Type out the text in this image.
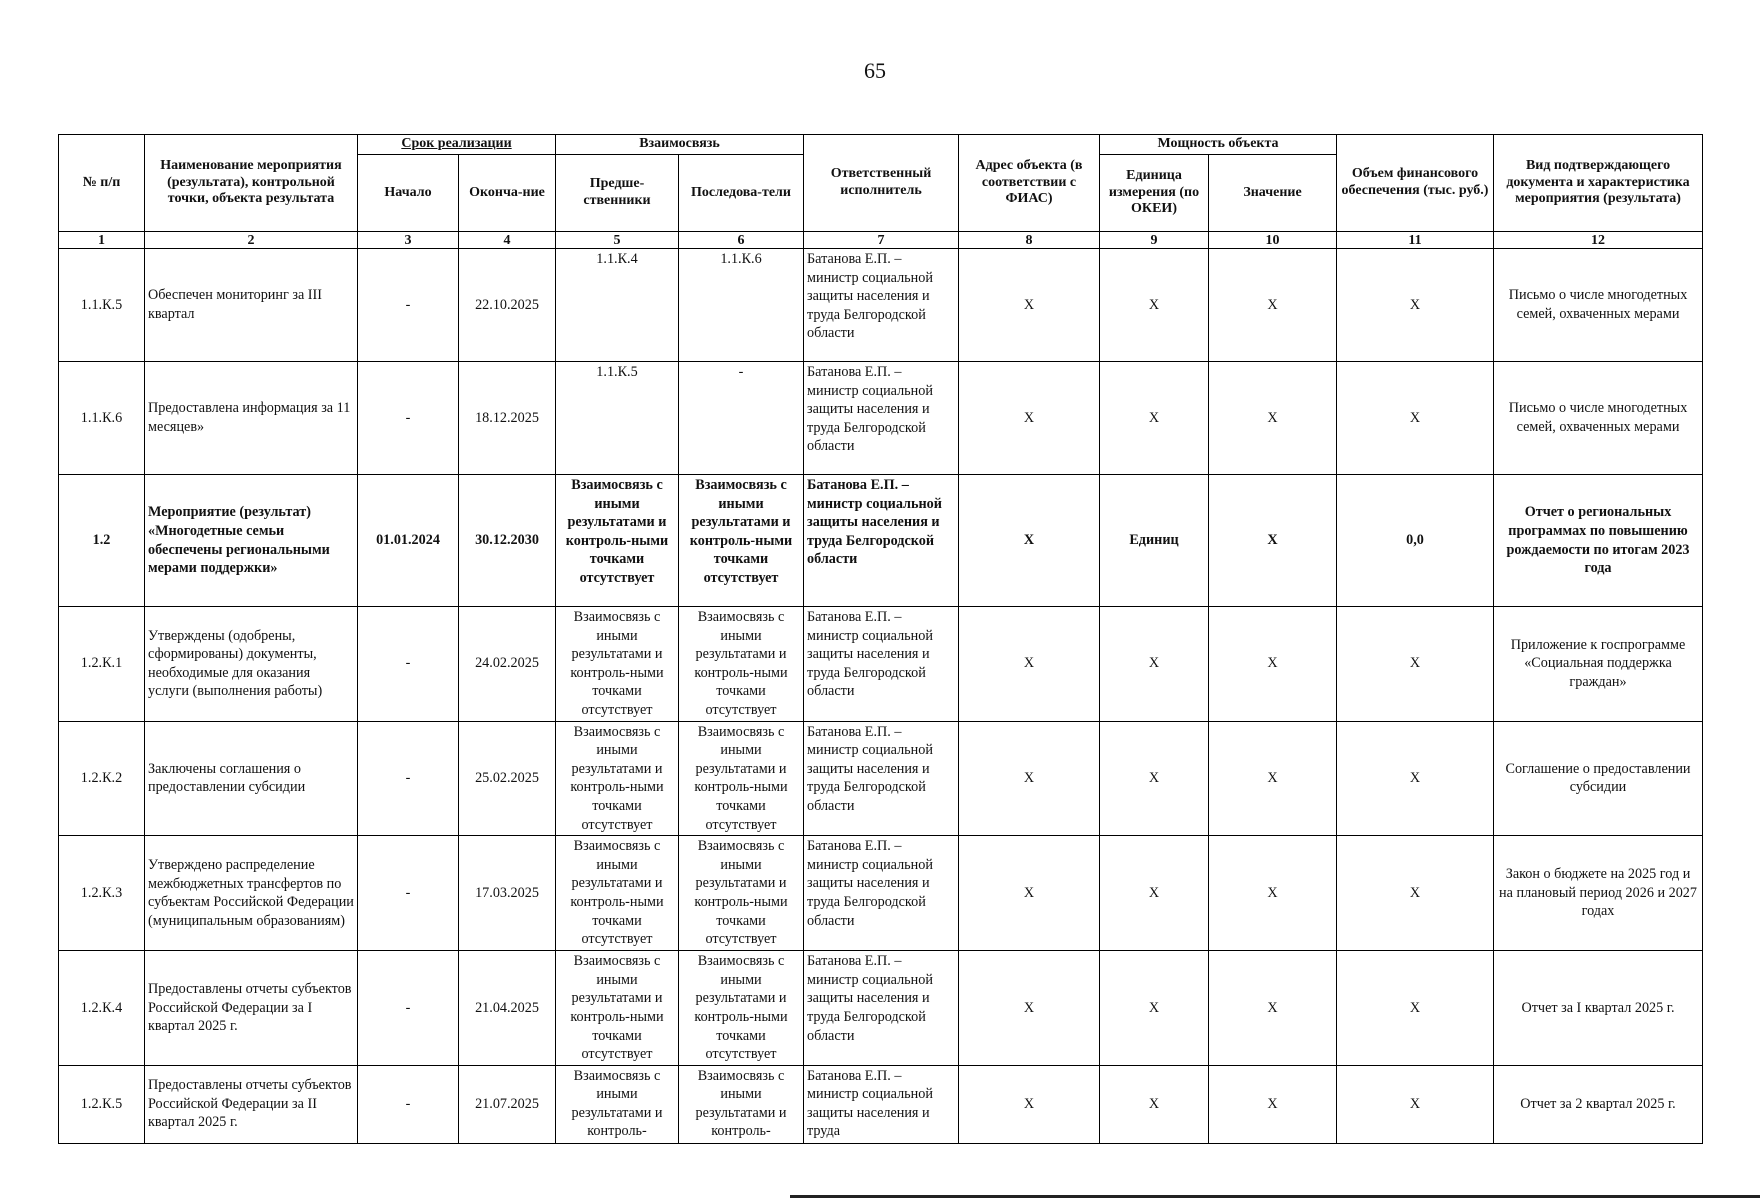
65
№ п/п	Наименование мероприятия (результата), контрольной точки, объекта результата	Срок реализации		Взаимосвязь		Ответственный исполнитель	Адрес объекта (в соответствии с ФИАС)	Мощность объекта		Объем финансового обеспечения (тыс. руб.)	Вид подтверждающего документа и характеристика мероприятия (результата)
		Начало	Оконча-ние	Предше-ственники	Последова-тели			Единица измерения (по ОКЕИ)	Значение		
1	2	3	4	5	6	7	8	9	10	11	12
1.1.К.5	Обеспечен мониторинг за III квартал	-	22.10.2025	1.1.К.4	1.1.К.6	Батанова Е.П. – министр социальной защиты населения и труда Белгородской области	Х	Х	Х	Х	Письмо о числе многодетных семей, охваченных мерами
1.1.К.6	Предоставлена информация за 11 месяцев»	-	18.12.2025	1.1.К.5	-	Батанова Е.П. – министр социальной защиты населения и труда Белгородской области	Х	Х	Х	Х	Письмо о числе многодетных семей, охваченных мерами
1.2	Мероприятие (результат) «Многодетные семьи обеспечены региональными мерами поддержки»	01.01.2024	30.12.2030	Взаимосвязь с иными результатами и контроль-ными точками отсутствует	Взаимосвязь с иными результатами и контроль-ными точками отсутствует	Батанова Е.П. – министр социальной защиты населения и труда Белгородской области	Х	Единиц	Х	0,0	Отчет о региональных программах по повышению рождаемости по итогам 2023 года
1.2.К.1	Утверждены (одобрены, сформированы) документы, необходимые для оказания услуги (выполнения работы)	-	24.02.2025	Взаимосвязь с иными результатами и контроль-ными точками отсутствует	Взаимосвязь с иными результатами и контроль-ными точками отсутствует	Батанова Е.П. – министр социальной защиты населения и труда Белгородской области	Х	Х	Х	Х	Приложение к госпрограмме «Социальная поддержка граждан»
1.2.К.2	Заключены соглашения о предоставлении субсидии	-	25.02.2025	Взаимосвязь с иными результатами и контроль-ными точками отсутствует	Взаимосвязь с иными результатами и контроль-ными точками отсутствует	Батанова Е.П. – министр социальной защиты населения и труда Белгородской области	Х	Х	Х	Х	Соглашение о предоставлении субсидии
1.2.К.3	Утверждено распределение межбюджетных трансфертов по субъектам Российской Федерации (муниципальным образованиям)	-	17.03.2025	Взаимосвязь с иными результатами и контроль-ными точками отсутствует	Взаимосвязь с иными результатами и контроль-ными точками отсутствует	Батанова Е.П. – министр социальной защиты населения и труда Белгородской области	Х	Х	Х	Х	Закон о бюджете на 2025 год и на плановый период 2026 и 2027 годах
1.2.К.4	Предоставлены отчеты субъектов Российской Федерации за I квартал 2025 г.	-	21.04.2025	Взаимосвязь с иными результатами и контроль-ными точками отсутствует	Взаимосвязь с иными результатами и контроль-ными точками отсутствует	Батанова Е.П. – министр социальной защиты населения и труда Белгородской области	Х	Х	Х	Х	Отчет за I квартал 2025 г.
1.2.К.5	Предоставлены отчеты субъектов Российской Федерации за II квартал 2025 г.	-	21.07.2025	Взаимосвязь с иными результатами и контроль-	Взаимосвязь с иными результатами и контроль-	Батанова Е.П. – министр социальной защиты населения и труда	Х	Х	Х	Х	Отчет за 2 квартал 2025 г.
